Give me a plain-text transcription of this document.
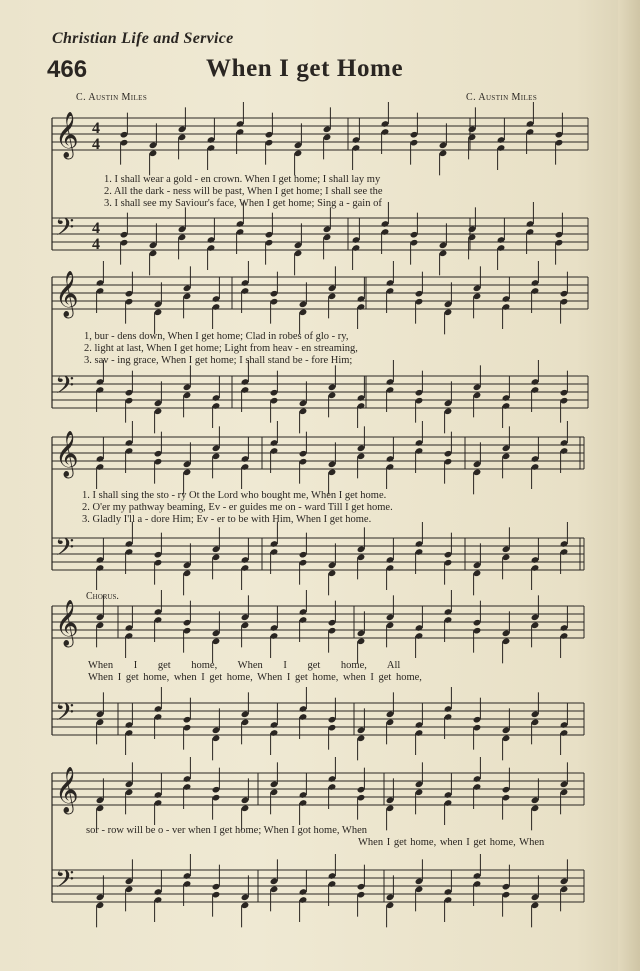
Christian Life and Service
466	When I get Home
C. Austin Miles	C. Austin Miles
𝄞
𝄢
4
4
4
4
𝄞
𝄢
𝄞
𝄢
𝄞
𝄢
𝄞
𝄢
1. I shall wear a gold - en crown. When I get home; I shall lay my
2. All the dark - ness will be past, When I get home; I shall see the
3. I shall see my Saviour's face, When I get home; Sing a - gain of
1, bur - dens down, When I get home; Clad in robes of glo - ry,
2. light at last, When I get home; Light from heav - en streaming,
3. sav - ing grace, When I get home; I shall stand be - fore Him;
1. I shall sing the sto - ry Ot the Lord who bought me, When I get home.
2. O'er my pathway beaming, Ev - er guides me on - ward Till I get home.
3. Gladly I'll a - dore Him; Ev - er to be with Him, When I get home.
Chorus.
When I get home, When I get home, All
When I get home, when I get home, When I get home, when I get home,
sor - row will be o - ver when I get home; When I got home, When
When I get home, when I get home, When
